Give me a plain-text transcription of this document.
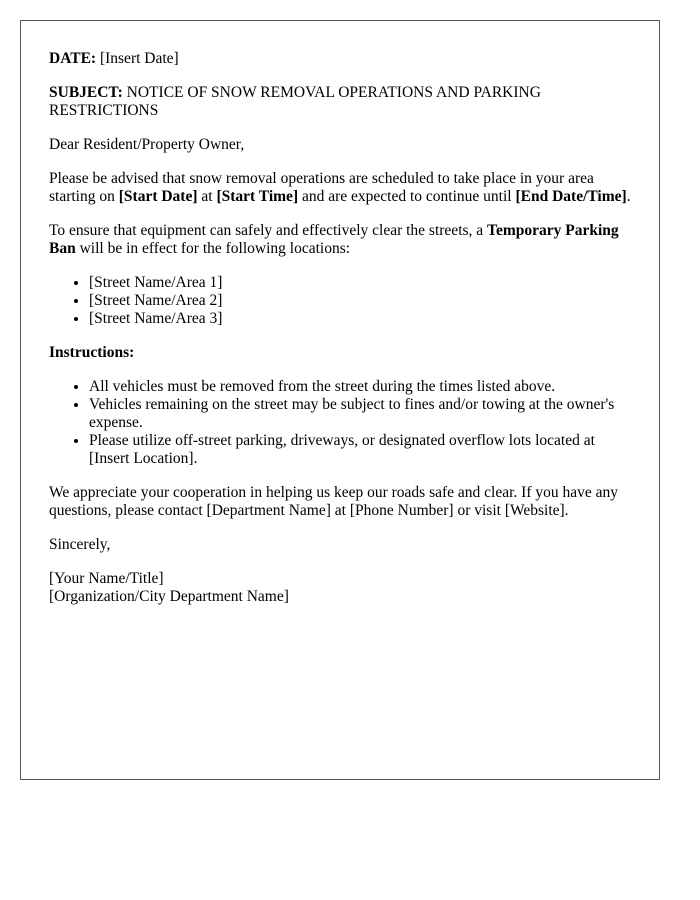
DATE: [Insert Date]

SUBJECT: NOTICE OF SNOW REMOVAL OPERATIONS AND PARKING RESTRICTIONS

Dear Resident/Property Owner,

Please be advised that snow removal operations are scheduled to take place in your area starting on [Start Date] at [Start Time] and are expected to continue until [End Date/Time].

To ensure that equipment can safely and effectively clear the streets, a Temporary Parking Ban will be in effect for the following locations:

• [Street Name/Area 1]
• [Street Name/Area 2]
• [Street Name/Area 3]

Instructions:

• All vehicles must be removed from the street during the times listed above.
• Vehicles remaining on the street may be subject to fines and/or towing at the owner's expense.
• Please utilize off-street parking, driveways, or designated overflow lots located at [Insert Location].

We appreciate your cooperation in helping us keep our roads safe and clear. If you have any questions, please contact [Department Name] at [Phone Number] or visit [Website].

Sincerely,

[Your Name/Title]
[Organization/City Department Name]
